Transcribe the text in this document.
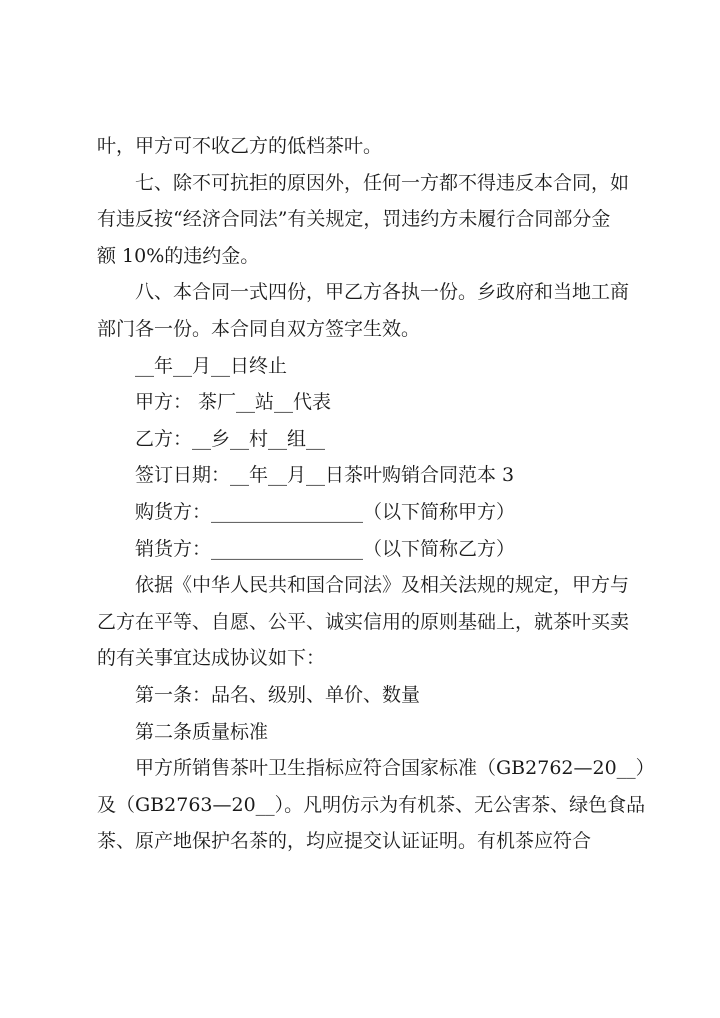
叶，甲方可不收乙方的低档茶叶。

七、除不可抗拒的原因外，任何一方都不得违反本合同，如

有违反按“经济合同法”有关规定，罚违约方未履行合同部分金

额 10%的违约金。

八、本合同一式四份，甲乙方各执一份。乡政府和当地工商

部门各一份。本合同自双方签字生效。

__年__月__日终止

甲方： 茶厂__站__代表

乙方：__乡__村__组__

签订日期：__年__月__日茶叶购销合同范本 3

购货方：________________（以下简称甲方）

销货方：________________（以下简称乙方）

依据《中华人民共和国合同法》及相关法规的规定，甲方与

乙方在平等、自愿、公平、诚实信用的原则基础上，就茶叶买卖

的有关事宜达成协议如下：

第一条：品名、级别、单价、数量

第二条质量标准

甲方所销售茶叶卫生指标应符合国家标准（GB2762—20__）

及（GB2763—20__）。凡明仿示为有机茶、无公害茶、绿色食品

茶、原产地保护名茶的，均应提交认证证明。有机茶应符合
